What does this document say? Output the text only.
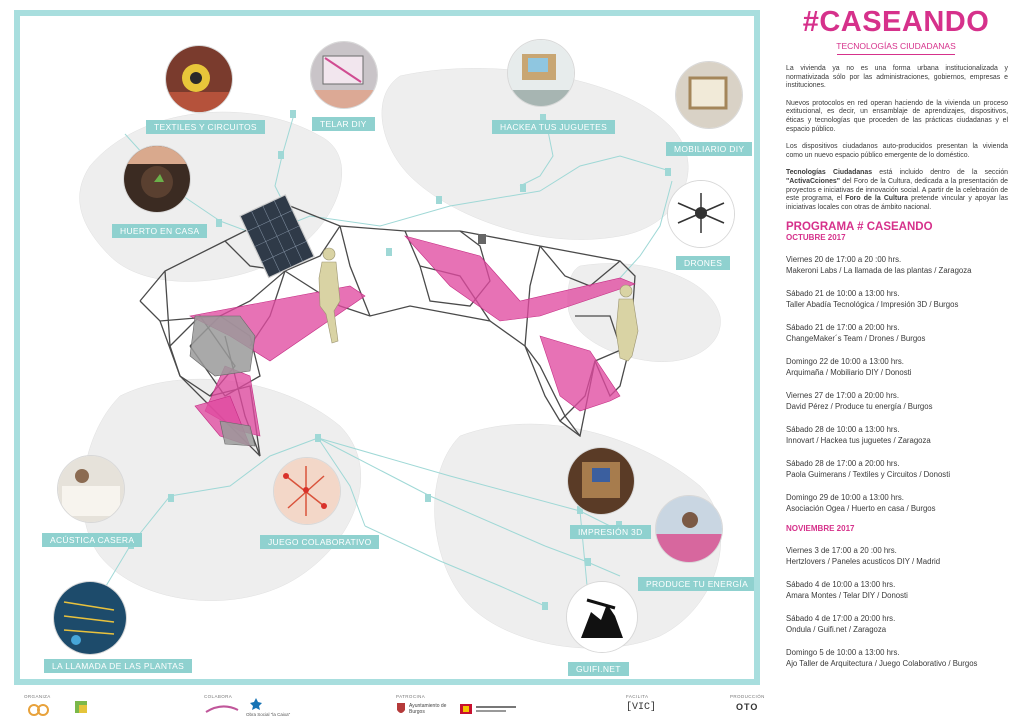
TEXTILES Y CIRCUITOS	TELAR DIY	HACKEA TUS JUGUETES
MOBILIARIO DIY
HUERTO EN CASA
DRONES
ACÚSTICA CASERA	JUEGO COLABORATIVO
IMPRESIÓN 3D
PRODUCE TU ENERGÍA
LA LLAMADA DE LAS PLANTAS	GUIFI.NET
#CASEANDO
TECNOLOGÍAS CIUDADANAS

La vivienda ya no es una forma urbana institucionalizada y normativizada sólo por las administraciones, gobiernos, empresas e instituciones.

Nuevos protocolos en red operan haciendo de la vivienda un proceso extitucional, es decir, un ensamblaje de aprendizajes, dispositivos, éticas y tecnologías que proceden de las prácticas ciudadanas y el espacio público.

Los dispositivos ciudadanos auto-producidos presentan la vivienda como un nuevo espacio público emergente de lo doméstico.

Tecnologías Ciudadanas está incluido dentro de la sección "ActivaCciones" del Foro de la Cultura, dedicada a la presentación de proyectos e iniciativas de innovación social. A partir de la celebración de este programa, el Foro de la Cultura pretende vincular y apoyar las iniciativas locales con otras de ámbito nacional.

PROGRAMA # CASEANDO
OCTUBRE 2017
Viernes 20 de 17:00 a 20 :00 hrs.
Makeroni Labs / La llamada de las plantas / Zaragoza
Sábado 21 de 10:00 a 13:00 hrs.
Taller Abadía Tecnológica / Impresión 3D / Burgos
Sábado 21 de 17:00 a 20:00 hrs.
ChangeMaker´s Team / Drones / Burgos
Domingo 22 de 10:00 a 13:00 hrs.
Arquimaña / Mobiliario DIY / Donosti
Viernes 27 de 17:00 a 20:00 hrs.
David Pérez / Produce tu energía / Burgos
Sábado 28 de 10:00 a 13:00 hrs.
Innovart / Hackea tus juguetes / Zaragoza
Sábado 28 de 17:00 a 20:00 hrs.
Paola Guimerans / Textiles y Circuitos / Donosti
Domingo 29 de 10:00 a 13:00 hrs.
Asociación Ogea / Huerto en casa / Burgos
NOVIEMBRE 2017
Viernes 3 de 17:00 a 20 :00 hrs.
Hertzlovers / Paneles acusticos DIY / Madrid
Sábado 4 de 10:00 a 13:00 hrs.
Amara Montes / Telar DIY / Donosti
Sábado 4 de 17:00 a 20:00 hrs.
Ondula / Guifi.net / Zaragoza
Domingo 5 de 10:00 a 13:00 hrs.
Ajo Taller de Arquitectura / Juego Colaborativo / Burgos
ORGANIZA	COLABORA
Obra Social "la Caixa"
PATROCINA
Ayuntamiento de Burgos
FACILITA
[VIC]
PRODUCCIÓN
OTO
